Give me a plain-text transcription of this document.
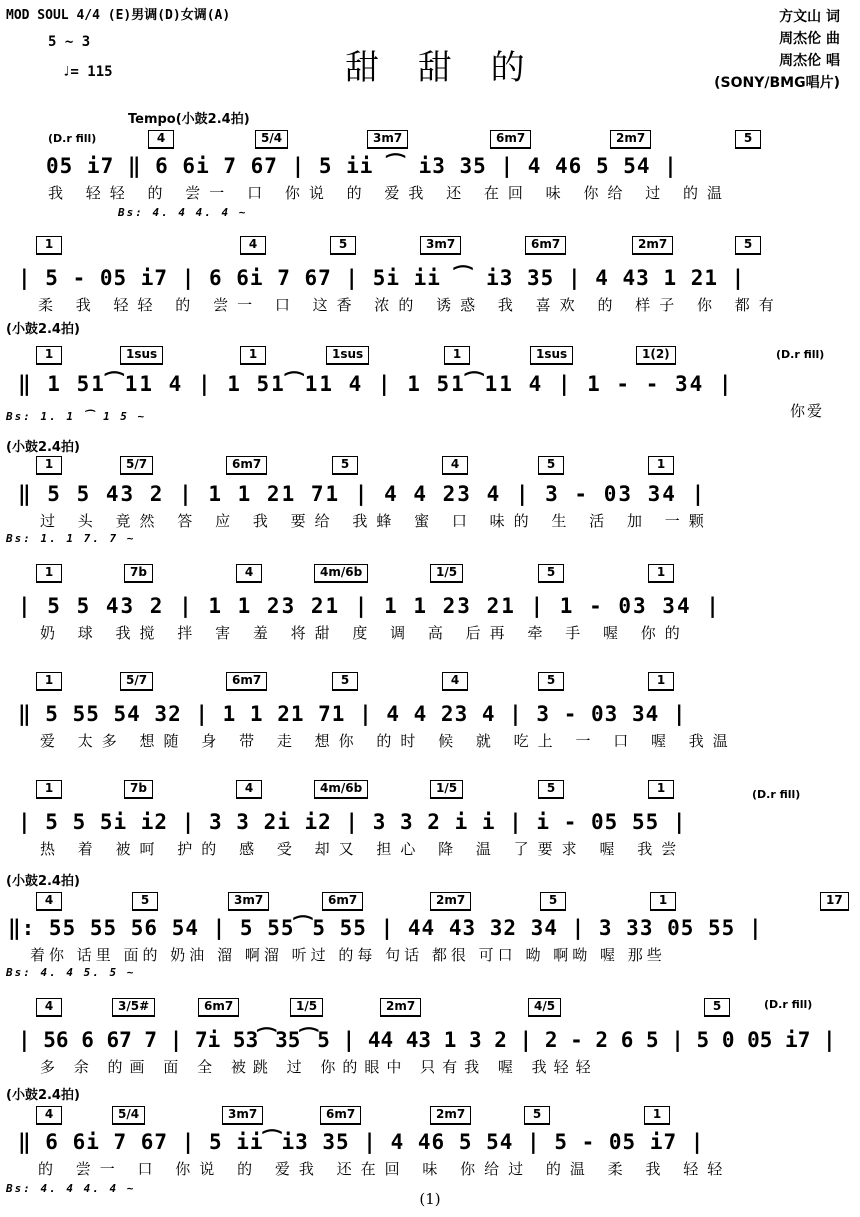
MOD SOUL 4/4 (E)男调(D)女调(A)
5 ~ 3
♩= 115	甜 甜 的
方文山 词
周杰伦 曲
周杰伦 唱
(SONY/BMG唱片)
Tempo(小鼓2.4拍)
4	5/4	3m7	6m7	2m7	5
(D.r fill)
05 i7 ‖ 6 6i 7 67 | 5 ii ⁀ i3 35 | 4 46 5 54 |
我 轻轻 的 尝一 口 你说 的 爱我 还 在回 味 你给 过 的温
Bs: 4. 4 4. 4 ~
1	4	5	3m7	6m7	2m7	5
| 5 - 05 i7 | 6 6i 7 67 | 5i ii ⁀ i3 35 | 4 43 1 21 |
柔 我 轻轻 的 尝一 口 这香 浓的 诱惑 我 喜欢 的 样子 你 都有
(小鼓2.4拍)
1	1sus	1	1sus	1	1sus	1(2)	(D.r fill)
‖ 1 51⁀11 4 | 1 51⁀11 4 | 1 51⁀11 4 | 1 - - 34 |
你爱
Bs: 1. 1 ⁀ 1 5 ~
(小鼓2.4拍)
1	5/7	6m7	5	4	5	1
‖ 5 5 43 2 | 1 1 21 71 | 4 4 23 4 | 3 - 03 34 |
过 头 竟然 答 应 我 要给 我蜂 蜜 口 味的 生 活 加 一颗
Bs: 1. 1 7. 7 ~
1	7b	4	4m/6b	1/5	5	1
| 5 5 43 2 | 1 1 23 21 | 1 1 23 21 | 1 - 03 34 |
奶 球 我搅 拌 害 羞 将甜 度 调 高 后再 牵 手 喔 你的
1	5/7	6m7	5	4	5	1
‖ 5 55 54 32 | 1 1 21 71 | 4 4 23 4 | 3 - 03 34 |
爱 太多 想随 身 带 走 想你 的时 候 就 吃上 一 口 喔 我温
1	7b	4	4m/6b	1/5	5	1	(D.r fill)
| 5 5 5i i2 | 3 3 2i i2 | 3 3 2 i i | i - 05 55 |
热 着 被呵 护的 感 受 却又 担心 降 温 了要求 喔 我尝
(小鼓2.4拍)
4	5	3m7	6m7	2m7	5	1	17
‖: 55 55 56 54 | 5 55⁀5 55 | 44 43 32 34 | 3 33 05 55 |
着你 话里 面的 奶油 溜 啊溜 听过 的每 句话 都很 可口 呦 啊呦 喔 那些
Bs: 4. 4 5. 5 ~
4	3/5#	6m7	1/5	2m7	4/5	5	(D.r fill)
| 56 6 67 7 | 7i 53⁀35⁀5 | 44 43 1 3 2 | 2 - 2 6 5 | 5 0 05 i7 |
多 余 的画 面 全 被跳 过 你的眼中 只有我 喔 我轻轻
(小鼓2.4拍)
4	5/4	3m7	6m7	2m7	5	1
‖ 6 6i 7 67 | 5 ii⁀i3 35 | 4 46 5 54 | 5 - 05 i7 |
的 尝一 口 你说 的 爱我 还在回 味 你给过 的温 柔 我 轻轻
Bs: 4. 4 4. 4 ~
(1)
